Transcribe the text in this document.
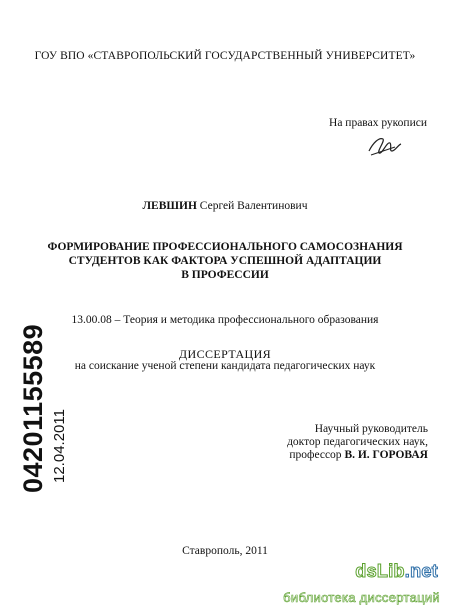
ГОУ ВПО «СТАВРОПОЛЬСКИЙ ГОСУДАРСТВЕННЫЙ УНИВЕРСИТЕТ»
На правах рукописи
ЛЕВШИН Сергей Валентинович
ФОРМИРОВАНИЕ ПРОФЕССИОНАЛЬНОГО САМОСОЗНАНИЯ
СТУДЕНТОВ КАК ФАКТОРА УСПЕШНОЙ АДАПТАЦИИ
В ПРОФЕССИИ
13.00.08 – Теория и методика профессионального образования
ДИССЕРТАЦИЯ
на соискание ученой степени кандидата педагогических наук
Научный руководитель
доктор педагогических наук,
профессор В. И. ГОРОВАЯ
Ставрополь, 2011
04201155589 12.04.2011
dsLib.net
библиотека диссертаций
